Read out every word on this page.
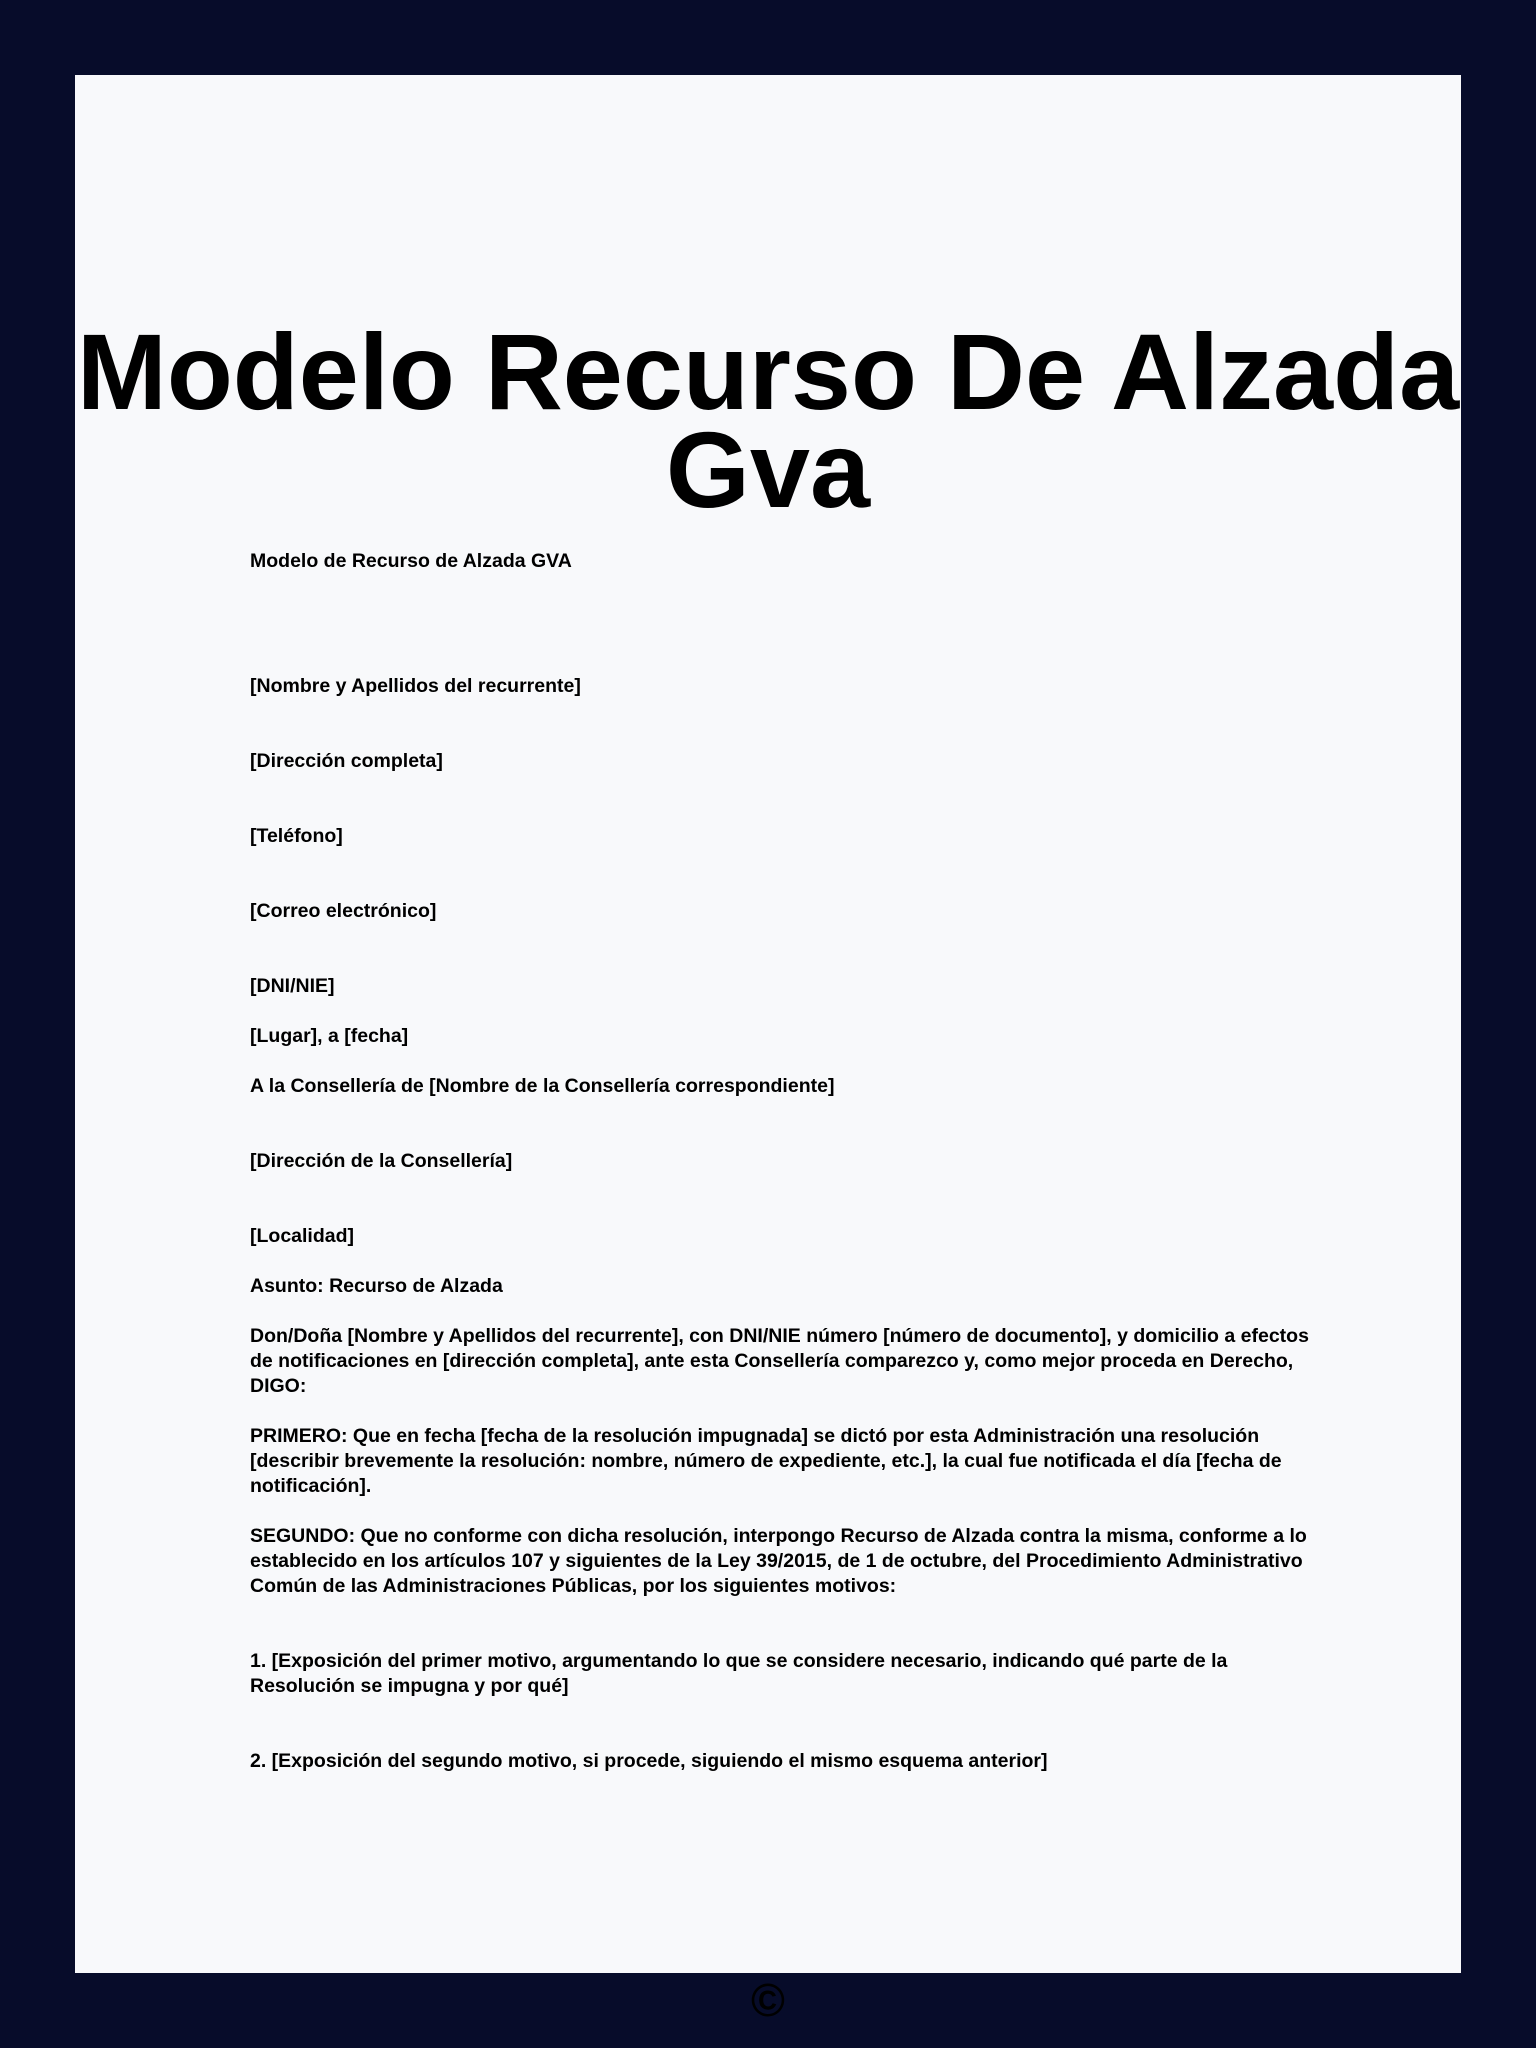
Modelo Recurso De Alzada Gva

Modelo de Recurso de Alzada GVA

[Nombre y Apellidos del recurrente]

[Dirección completa]

[Teléfono]

[Correo electrónico]

[DNI/NIE]

[Lugar], a [fecha]

A la Consellería de [Nombre de la Consellería correspondiente]

[Dirección de la Consellería]

[Localidad]

Asunto: Recurso de Alzada

Don/Doña [Nombre y Apellidos del recurrente], con DNI/NIE número [número de documento], y domicilio a efectos de notificaciones en [dirección completa], ante esta Consellería comparezco y, como mejor proceda en Derecho, DIGO:

PRIMERO: Que en fecha [fecha de la resolución impugnada] se dictó por esta Administración una resolución [describir brevemente la resolución: nombre, número de expediente, etc.], la cual fue notificada el día [fecha de notificación].

SEGUNDO: Que no conforme con dicha resolución, interpongo Recurso de Alzada contra la misma, conforme a lo establecido en los artículos 107 y siguientes de la Ley 39/2015, de 1 de octubre, del Procedimiento Administrativo Común de las Administraciones Públicas, por los siguientes motivos:

1. [Exposición del primer motivo, argumentando lo que se considere necesario, indicando qué parte de la Resolución se impugna y por qué]

2. [Exposición del segundo motivo, si procede, siguiendo el mismo esquema anterior]

©
